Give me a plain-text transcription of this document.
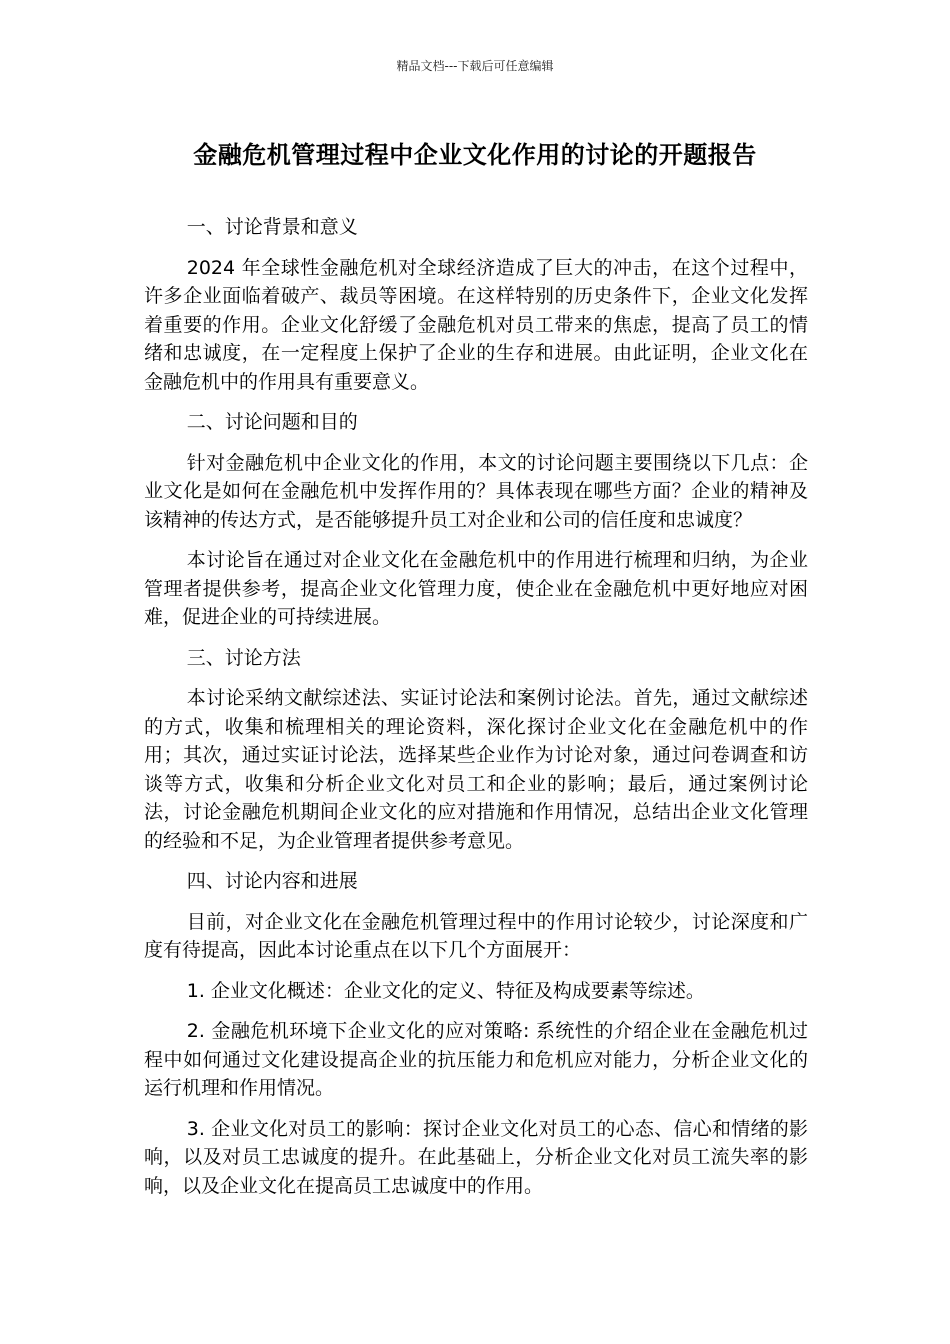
精品文档---下载后可任意编辑
金融危机管理过程中企业文化作用的讨论的开题报告

一、讨论背景和意义

2024 年全球性金融危机对全球经济造成了巨大的冲击，在这个过程中，许多企业面临着破产、裁员等困境。在这样特别的历史条件下，企业文化发挥着重要的作用。企业文化舒缓了金融危机对员工带来的焦虑，提高了员工的情绪和忠诚度，在一定程度上保护了企业的生存和进展。由此证明，企业文化在金融危机中的作用具有重要意义。

二、讨论问题和目的

针对金融危机中企业文化的作用，本文的讨论问题主要围绕以下几点：企业文化是如何在金融危机中发挥作用的？具体表现在哪些方面？企业的精神及该精神的传达方式，是否能够提升员工对企业和公司的信任度和忠诚度？

本讨论旨在通过对企业文化在金融危机中的作用进行梳理和归纳，为企业管理者提供参考，提高企业文化管理力度，使企业在金融危机中更好地应对困难，促进企业的可持续进展。

三、讨论方法

本讨论采纳文献综述法、实证讨论法和案例讨论法。首先，通过文献综述的方式，收集和梳理相关的理论资料，深化探讨企业文化在金融危机中的作用；其次，通过实证讨论法，选择某些企业作为讨论对象，通过问卷调查和访谈等方式，收集和分析企业文化对员工和企业的影响；最后，通过案例讨论法，讨论金融危机期间企业文化的应对措施和作用情况，总结出企业文化管理的经验和不足，为企业管理者提供参考意见。

四、讨论内容和进展

目前，对企业文化在金融危机管理过程中的作用讨论较少，讨论深度和广度有待提高，因此本讨论重点在以下几个方面展开：

1. 企业文化概述：企业文化的定义、特征及构成要素等综述。

2. 金融危机环境下企业文化的应对策略: 系统性的介绍企业在金融危机过程中如何通过文化建设提高企业的抗压能力和危机应对能力，分析企业文化的运行机理和作用情况。

3. 企业文化对员工的影响：探讨企业文化对员工的心态、信心和情绪的影响，以及对员工忠诚度的提升。在此基础上，分析企业文化对员工流失率的影响，以及企业文化在提高员工忠诚度中的作用。
